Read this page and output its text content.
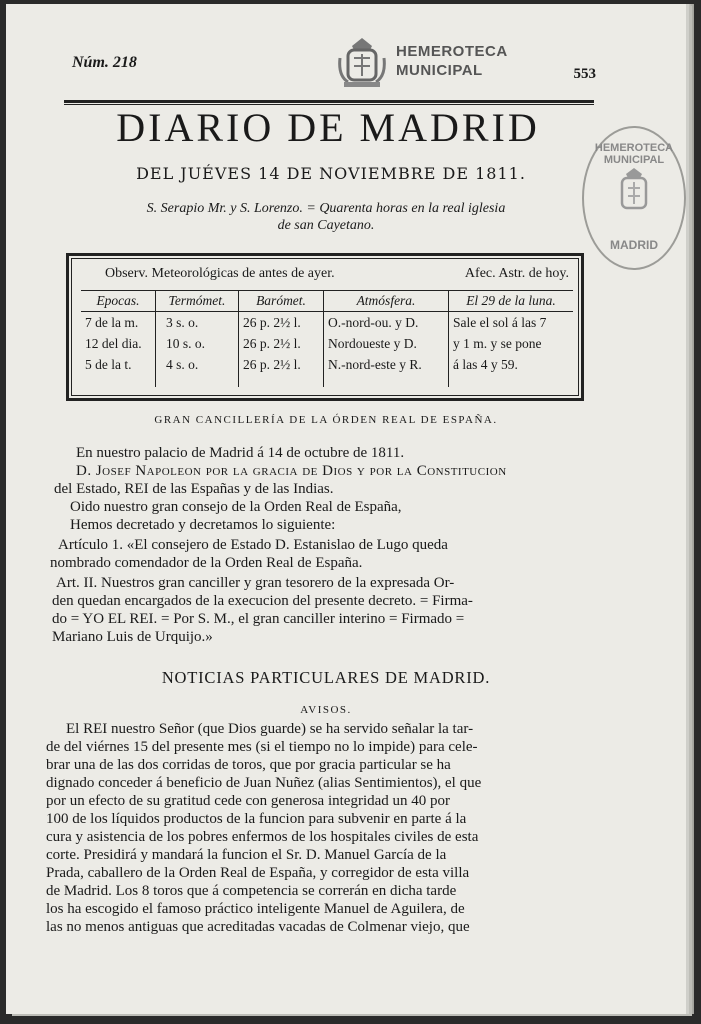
Núm. 218
HEMEROTECA
MUNICIPAL	553
DIARIO DE MADRID
DEL JUÉVES 14 DE NOVIEMBRE DE 1811.
S. Serapio Mr. y S. Lorenzo. = Quarenta horas en la real iglesia
de san Cayetano.
HEMEROTECA MUNICIPAL
MADRID
Observ. Meteorológicas de antes de ayer.	Afec. Astr. de hoy.
Epocas.
7 de la m.
12 del dia.
5 de la t.
Termómet.
3 s. o.
10 s. o.
4 s. o.
Barómet.
26 p. 2½ l.
26 p. 2½ l.
26 p. 2½ l.
Atmósfera.
O.-nord-ou. y D.
Nordoueste y D.
N.-nord-este y R.
El 29 de la luna.
Sale el sol á las 7
y 1 m. y se pone
á las 4 y 59.
GRAN CANCILLERÍA DE LA ÓRDEN REAL DE ESPAÑA.
En nuestro palacio de Madrid á 14 de octubre de 1811.
D. Josef Napoleon por la gracia de Dios y por la Constitucion
del Estado, REI de las Españas y de las Indias.
Oido nuestro gran consejo de la Orden Real de España,
Hemos decretado y decretamos lo siguiente:
Artículo 1. «El consejero de Estado D. Estanislao de Lugo queda
nombrado comendador de la Orden Real de España.
Art. II. Nuestros gran canciller y gran tesorero de la expresada Or-
den quedan encargados de la execucion del presente decreto. = Firma-
do = YO EL REI. = Por S. M., el gran canciller interino = Firmado =
Mariano Luis de Urquijo.»
NOTICIAS PARTICULARES DE MADRID.
AVISOS.
El REI nuestro Señor (que Dios guarde) se ha servido señalar la tar-
de del viérnes 15 del presente mes (si el tiempo no lo impide) para cele-
brar una de las dos corridas de toros, que por gracia particular se ha
dignado conceder á beneficio de Juan Nuñez (alias Sentimientos), el que
por un efecto de su gratitud cede con generosa integridad un 40 por
100 de los líquidos productos de la funcion para subvenir en parte á la
cura y asistencia de los pobres enfermos de los hospitales civiles de esta
corte. Presidirá y mandará la funcion el Sr. D. Manuel García de la
Prada, caballero de la Orden Real de España, y corregidor de esta villa
de Madrid. Los 8 toros que á competencia se correrán en dicha tarde
los ha escogido el famoso práctico inteligente Manuel de Aguilera, de
las no menos antiguas que acreditadas vacadas de Colmenar viejo, que
